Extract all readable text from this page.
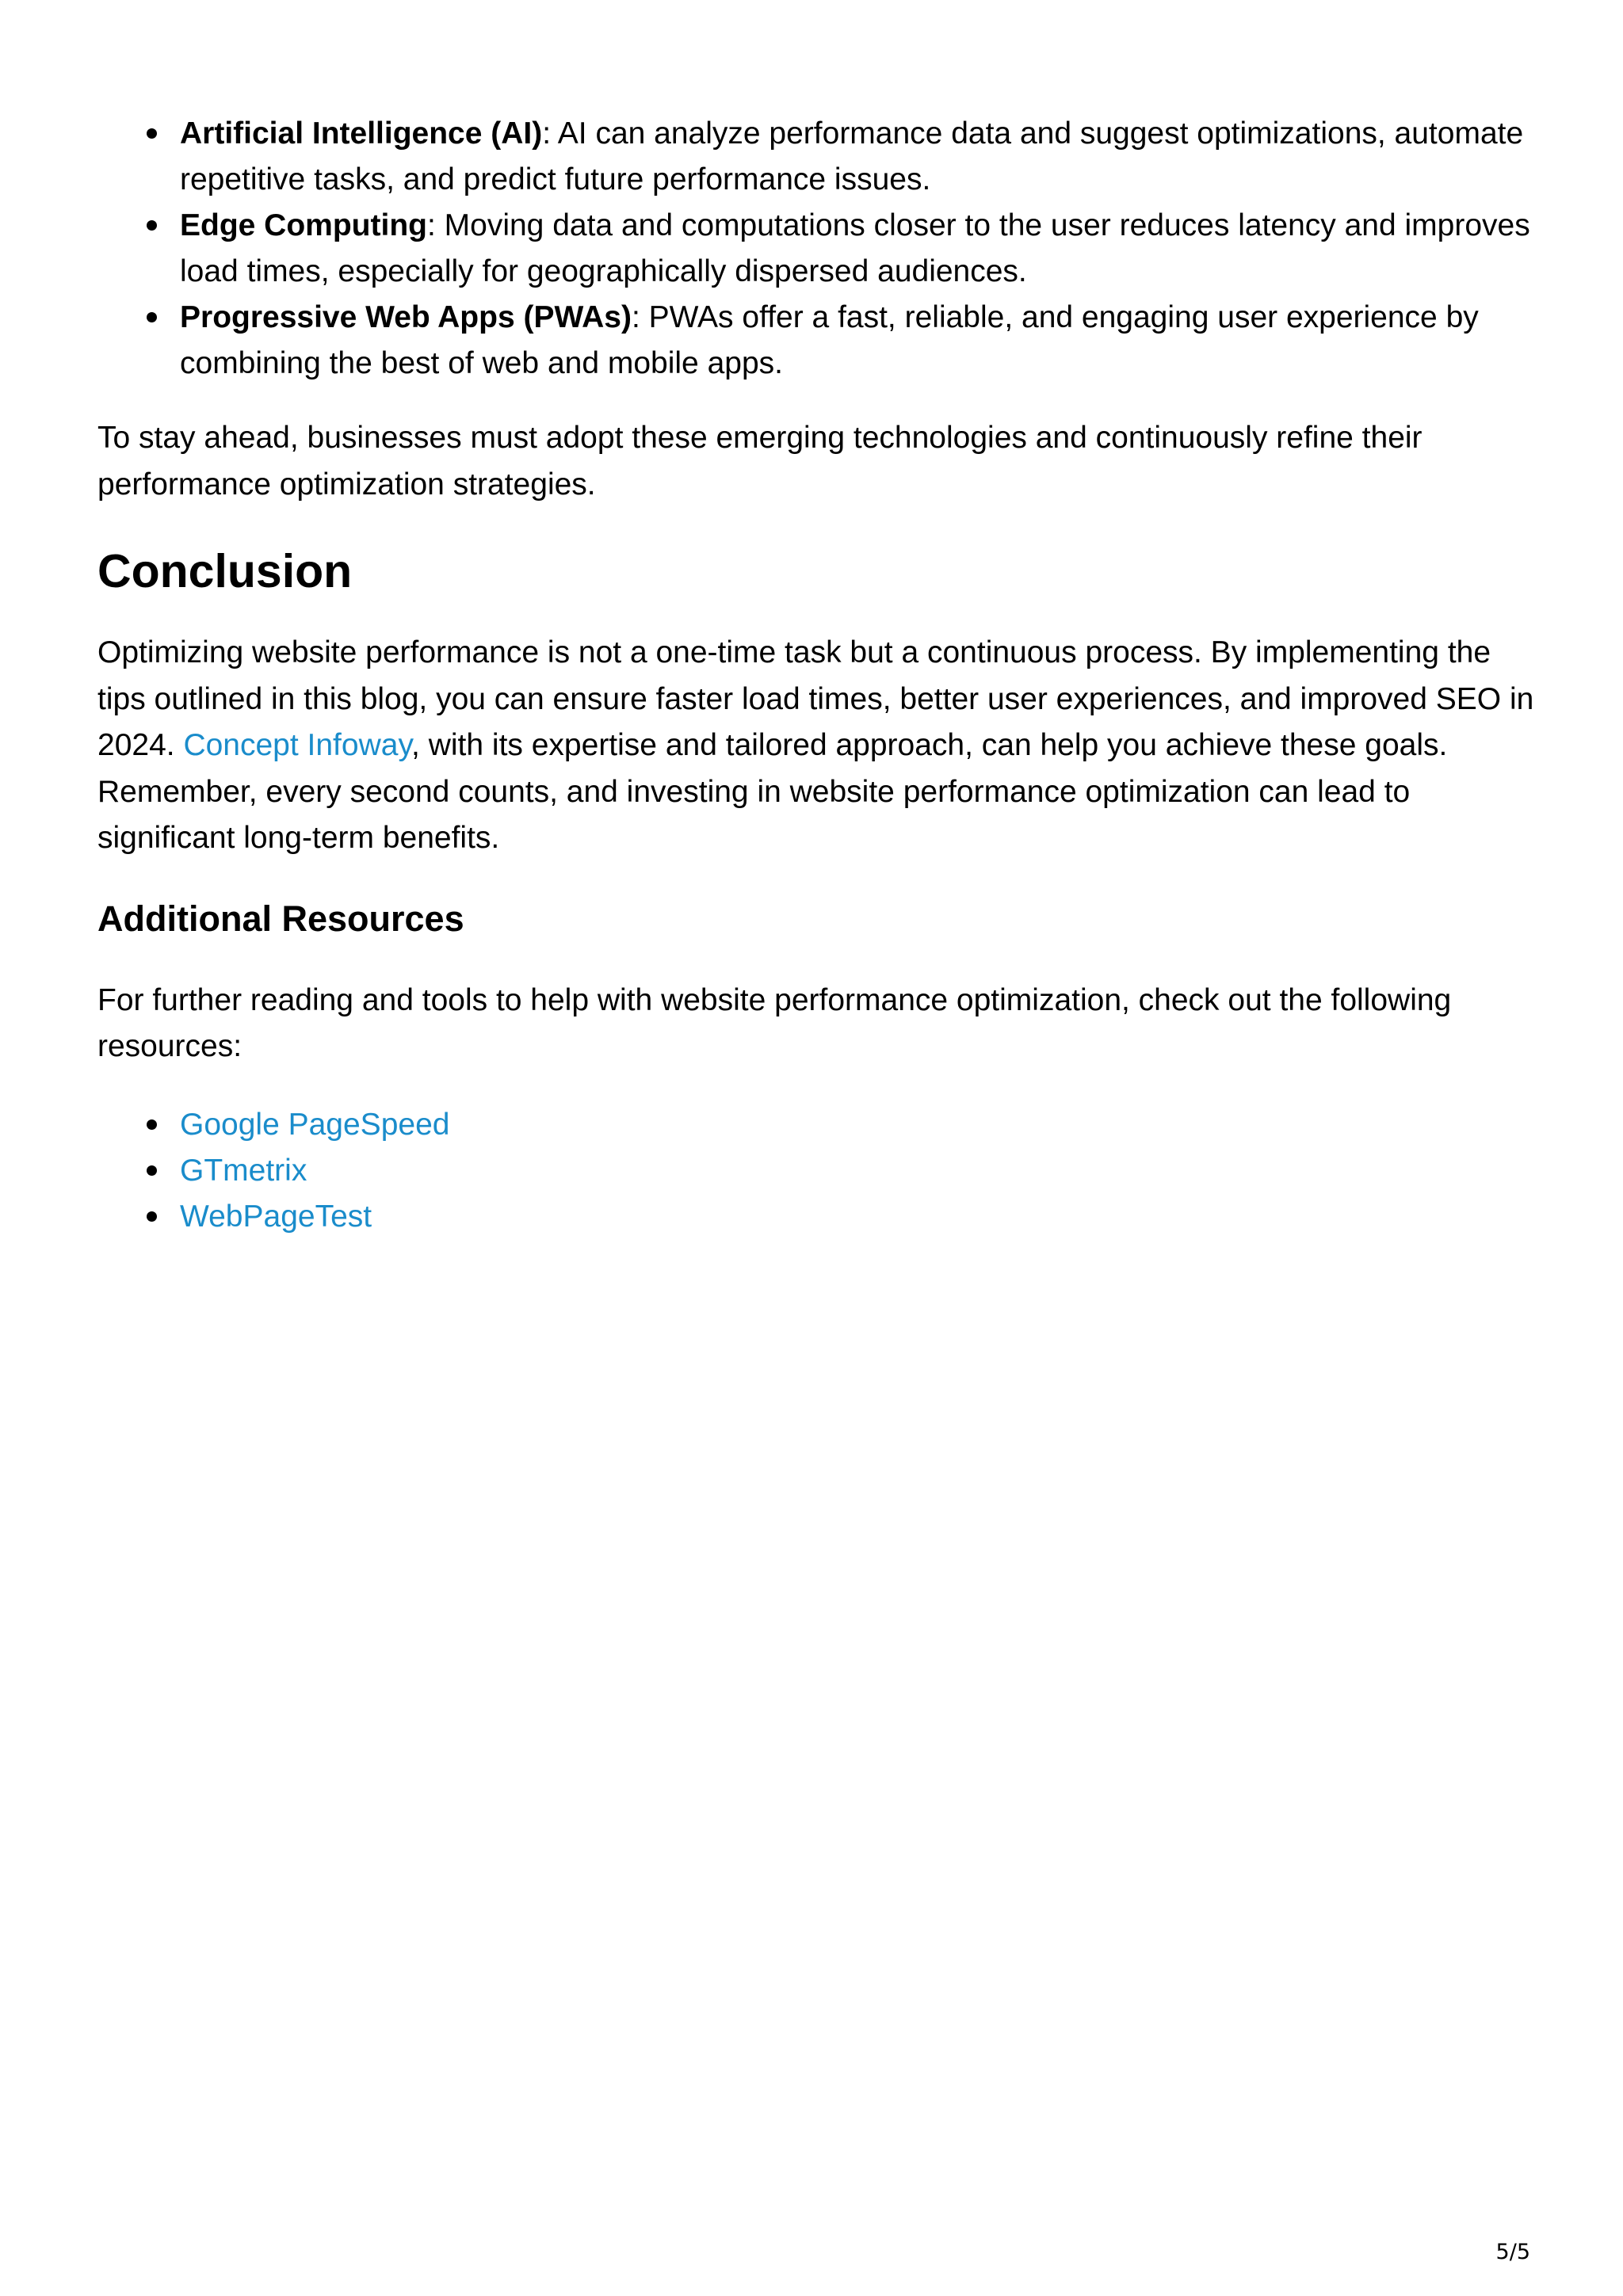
Artificial Intelligence (AI): AI can analyze performance data and suggest optimizations, automate repetitive tasks, and predict future performance issues.
Edge Computing: Moving data and computations closer to the user reduces latency and improves load times, especially for geographically dispersed audiences.
Progressive Web Apps (PWAs): PWAs offer a fast, reliable, and engaging user experience by combining the best of web and mobile apps.

To stay ahead, businesses must adopt these emerging technologies and continuously refine their performance optimization strategies.

Conclusion

Optimizing website performance is not a one-time task but a continuous process. By implementing the tips outlined in this blog, you can ensure faster load times, better user experiences, and improved SEO in 2024. Concept Infoway, with its expertise and tailored approach, can help you achieve these goals. Remember, every second counts, and investing in website performance optimization can lead to significant long-term benefits.

Additional Resources

For further reading and tools to help with website performance optimization, check out the following resources:

Google PageSpeed
GTmetrix
WebPageTest
5/5
